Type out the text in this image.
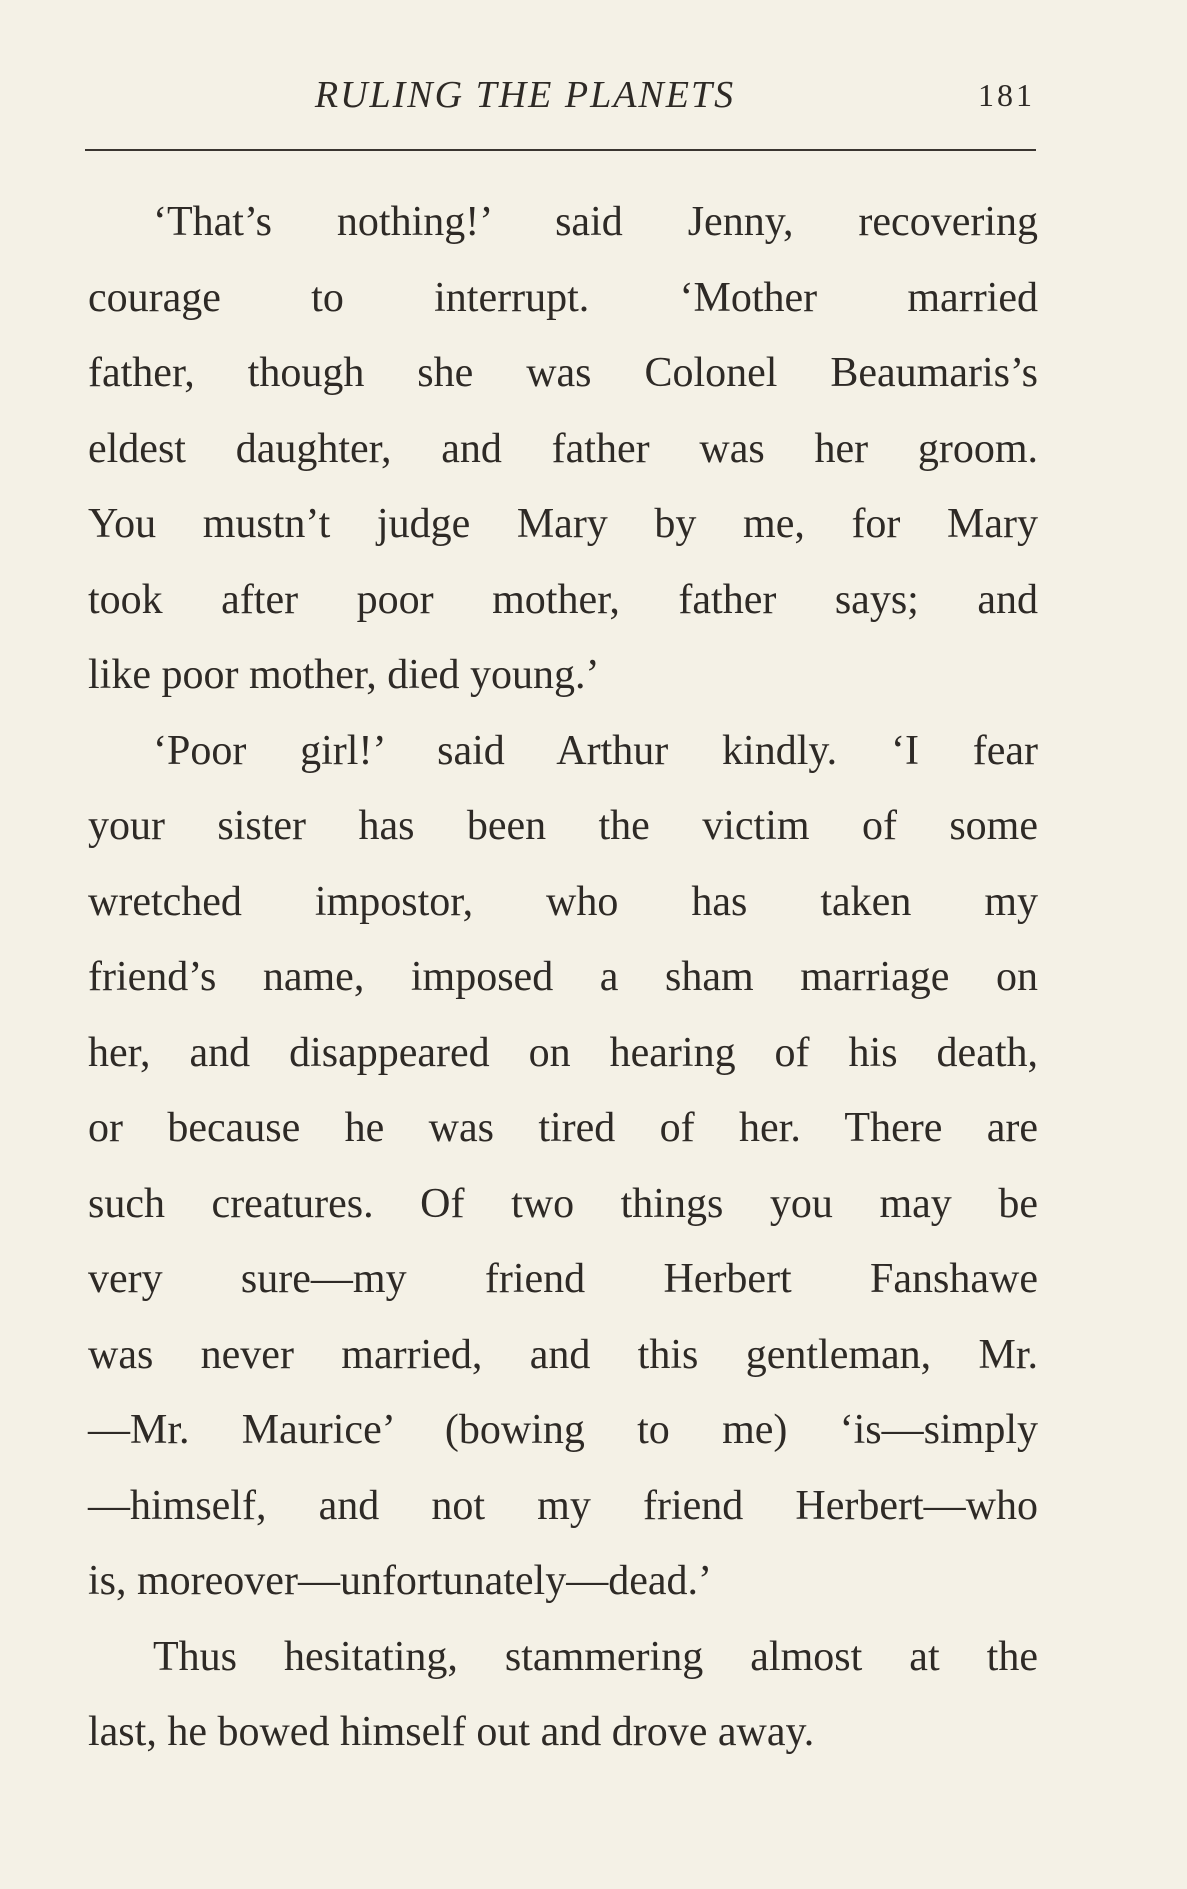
RULING THE PLANETS	181
‘That’s nothing!’ said Jenny, recovering
courage to interrupt. ‘Mother married
father, though she was Colonel Beaumaris’s
eldest daughter, and father was her groom.
You mustn’t judge Mary by me, for Mary
took after poor mother, father says; and
like poor mother, died young.’
‘Poor girl!’ said Arthur kindly. ‘I fear
your sister has been the victim of some
wretched impostor, who has taken my
friend’s name, imposed a sham marriage on
her, and disappeared on hearing of his death,
or because he was tired of her. There are
such creatures. Of two things you may be
very sure—my friend Herbert Fanshawe
was never married, and this gentleman, Mr.
—Mr. Maurice’ (bowing to me) ‘is—simply
—himself, and not my friend Herbert—who
is, moreover—unfortunately—dead.’
Thus hesitating, stammering almost at the
last, he bowed himself out and drove away.
